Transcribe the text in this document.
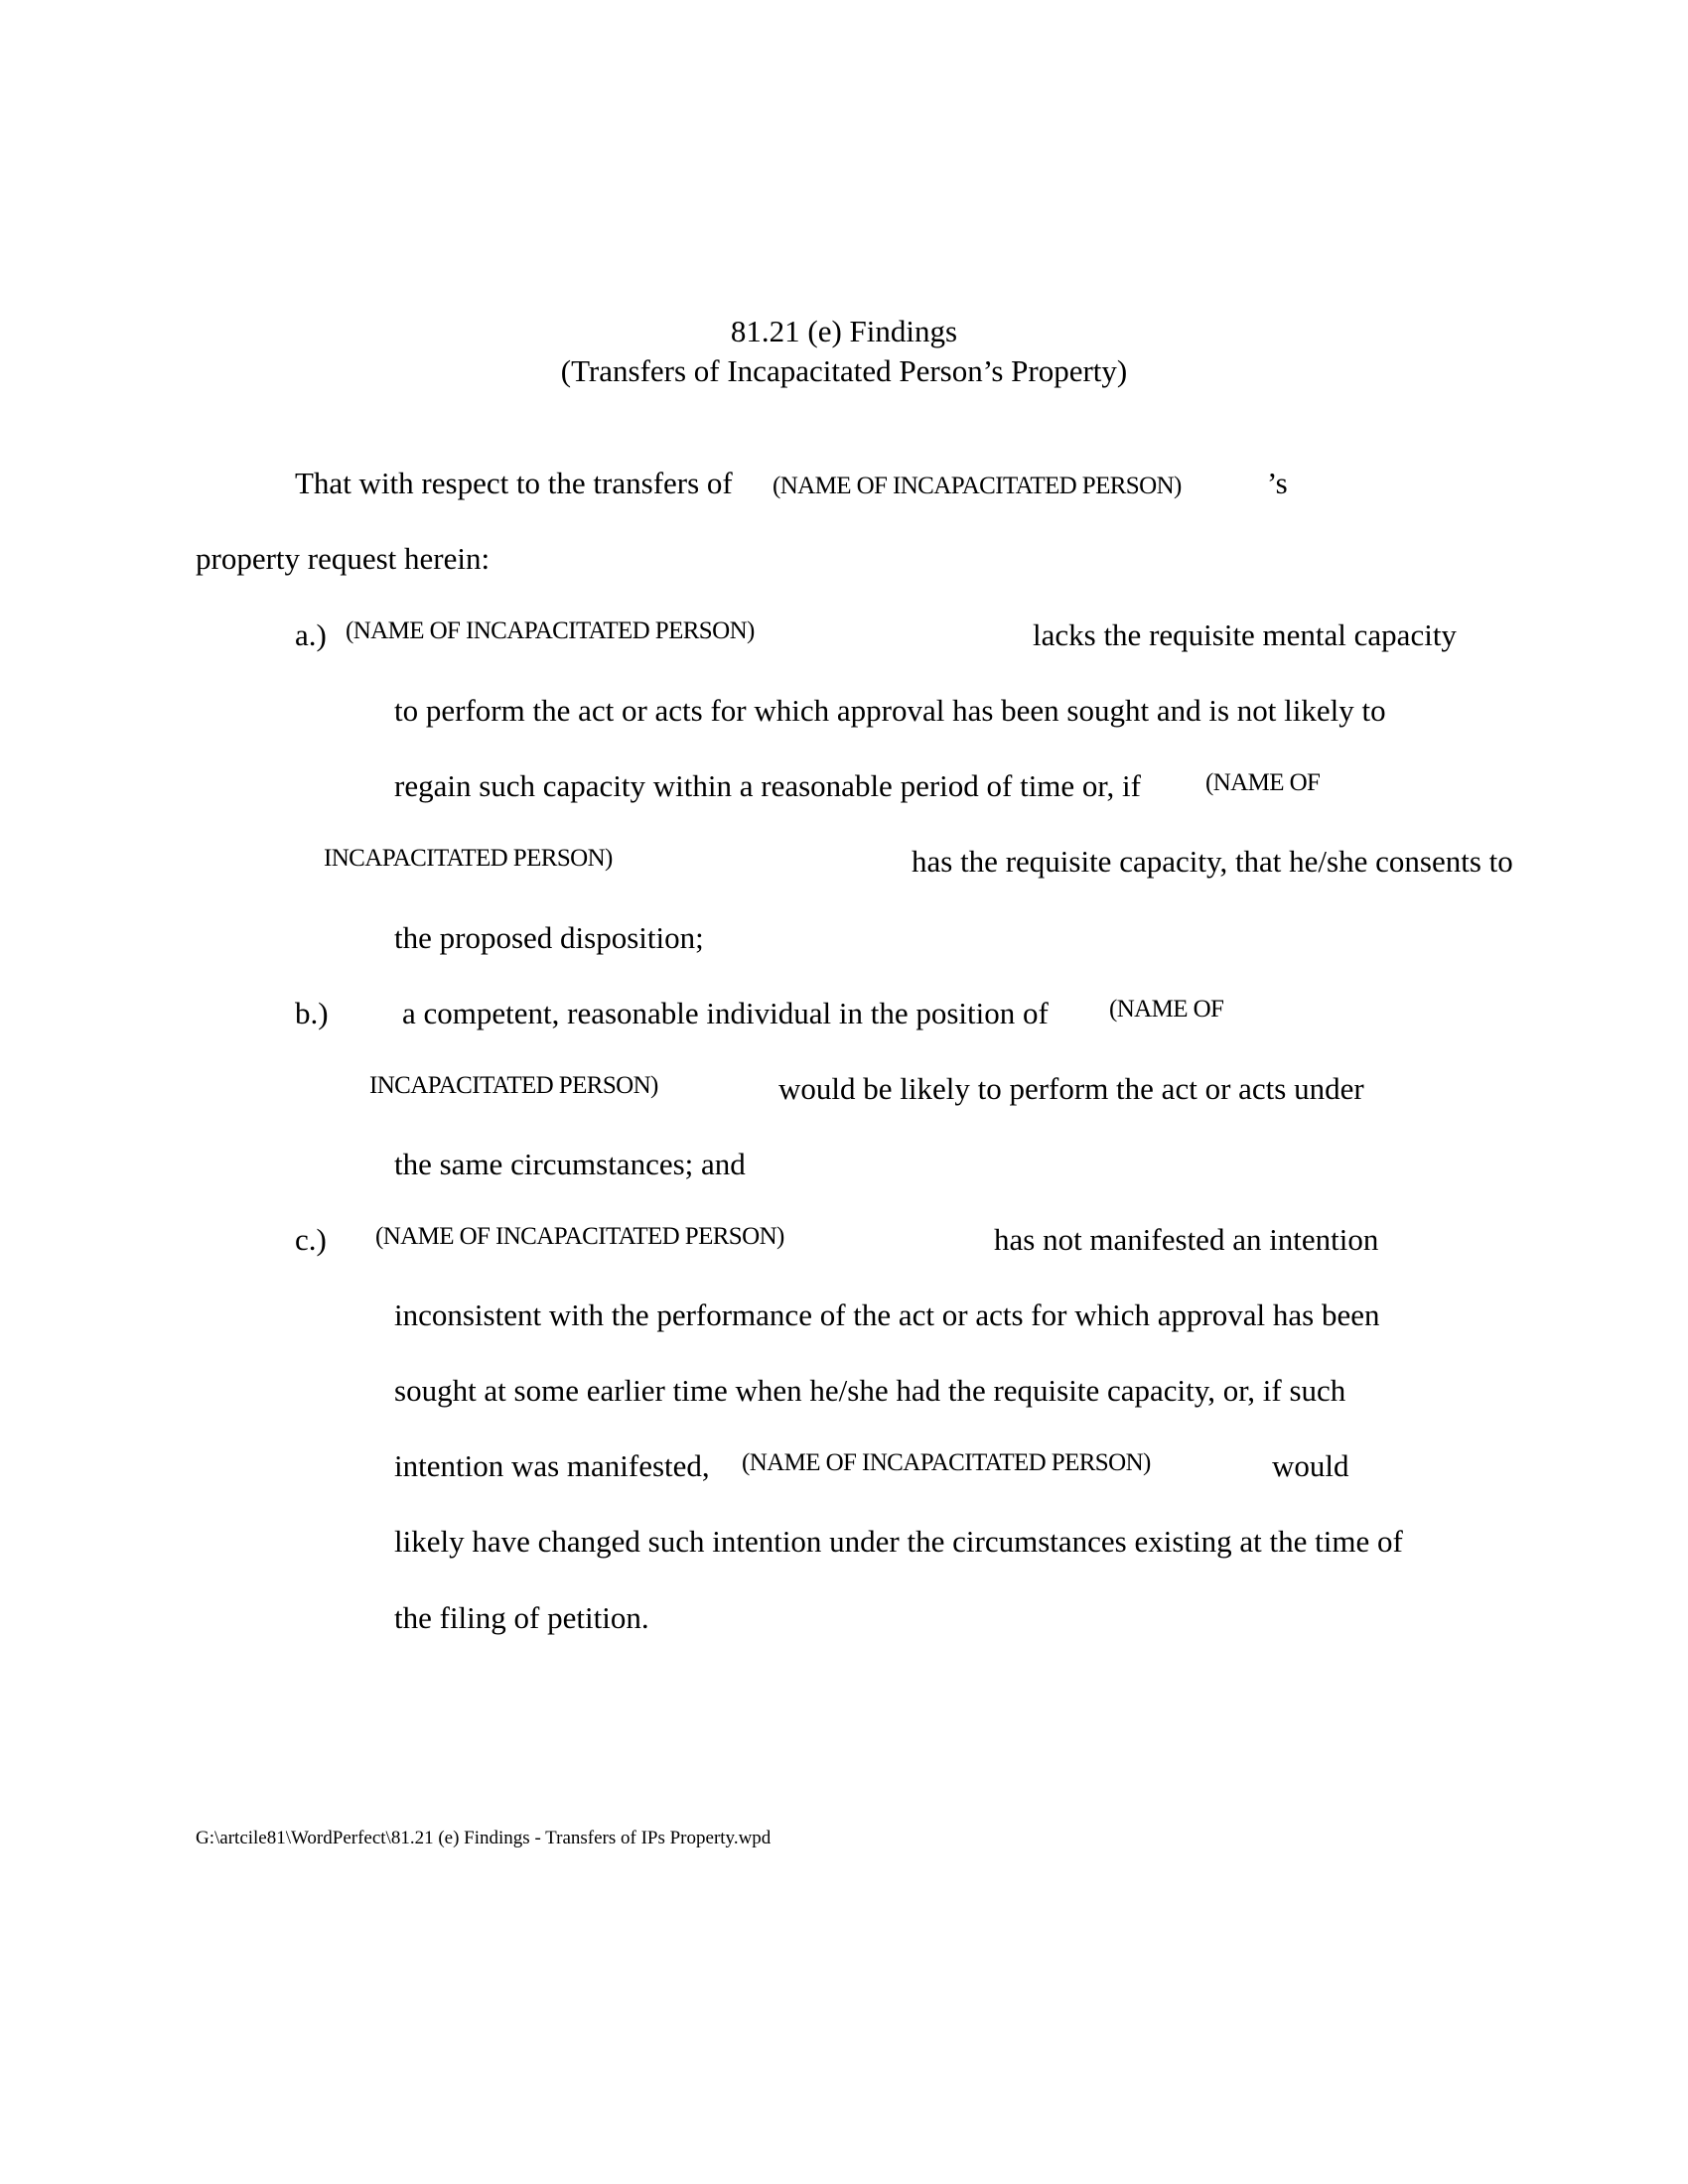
81.21 (e) Findings
(Transfers of Incapacitated Person’s Property)
That with respect to the transfers of (NAME OF INCAPACITATED PERSON)	’s
property request herein:
a.) (NAME OF INCAPACITATED PERSON)	lacks the requisite mental capacity
to perform the act or acts for which approval has been sought and is not likely to
regain such capacity within a reasonable period of time or, if	(NAME OF
INCAPACITATED PERSON)	has the requisite capacity, that he/she consents to
the proposed disposition;
b.) a competent, reasonable individual in the position of (NAME OF
INCAPACITATED PERSON)	would be likely to perform the act or acts under
the same circumstances; and
c.) (NAME OF INCAPACITATED PERSON)	has not manifested an intention
inconsistent with the performance of the act or acts for which approval has been
sought at some earlier time when he/she had the requisite capacity, or, if such
intention was manifested, (NAME OF INCAPACITATED PERSON)	would
likely have changed such intention under the circumstances existing at the time of
the filing of petition.
G:\artcile81\WordPerfect\81.21 (e) Findings - Transfers of IPs Property.wpd
